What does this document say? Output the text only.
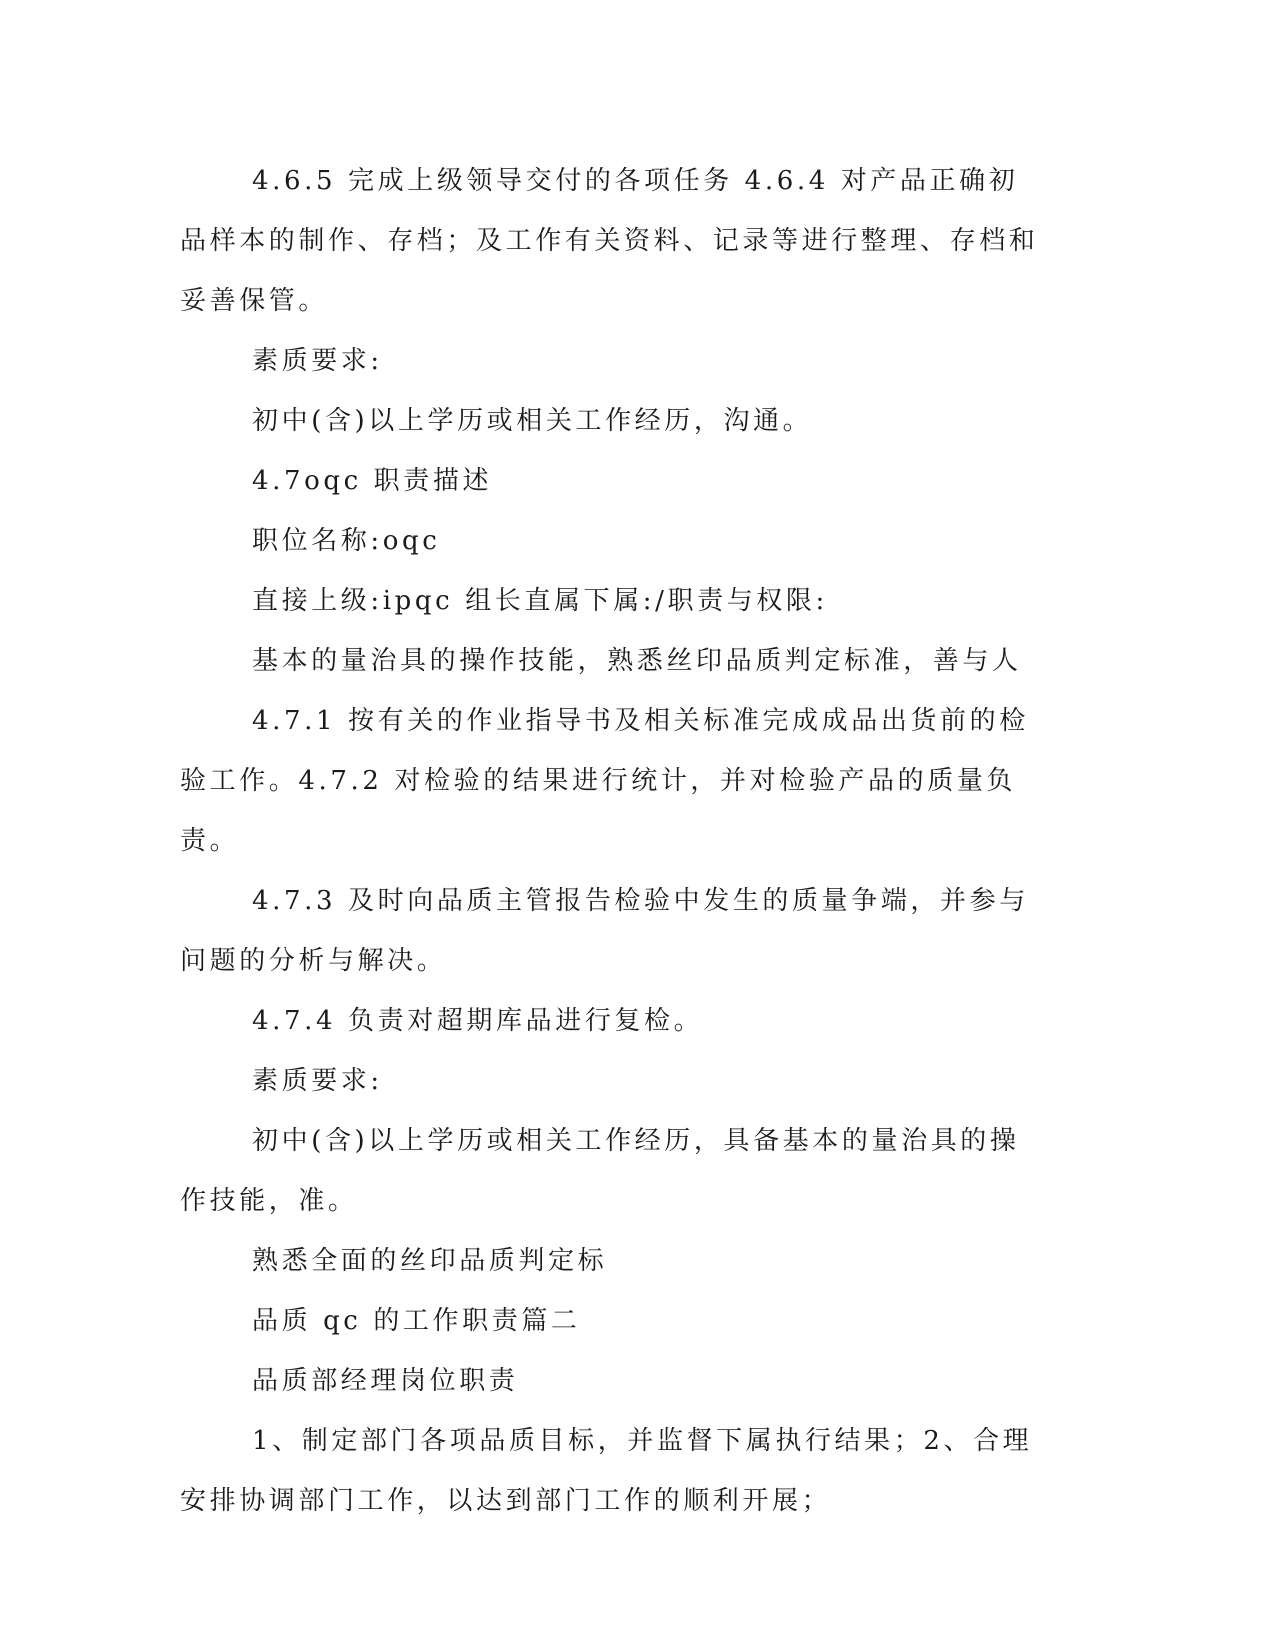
4.6.5 完成上级领导交付的各项任务 4.6.4 对产品正确初品样本的制作、存档；及工作有关资料、记录等进行整理、存档和妥善保管。

素质要求:

初中(含)以上学历或相关工作经历，沟通。

4.7oqc 职责描述

职位名称:oqc

直接上级:ipqc 组长直属下属:/职责与权限:

基本的量治具的操作技能，熟悉丝印品质判定标准，善与人

4.7.1 按有关的作业指导书及相关标准完成成品出货前的检验工作。4.7.2 对检验的结果进行统计，并对检验产品的质量负责。

4.7.3 及时向品质主管报告检验中发生的质量争端，并参与问题的分析与解决。

4.7.4 负责对超期库品进行复检。

素质要求:

初中(含)以上学历或相关工作经历，具备基本的量治具的操作技能，准。

熟悉全面的丝印品质判定标

品质 qc 的工作职责篇二

品质部经理岗位职责

1、制定部门各项品质目标，并监督下属执行结果；2、合理安排协调部门工作，以达到部门工作的顺利开展；
